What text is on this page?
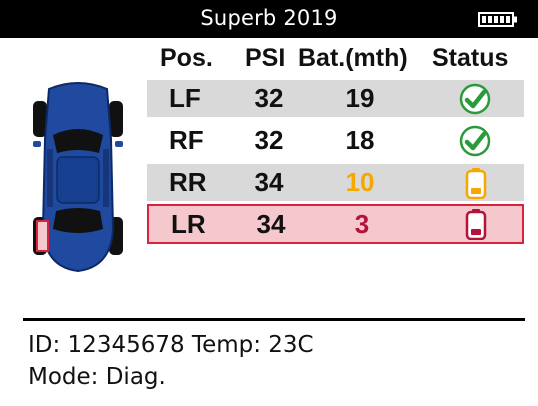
Superb 2019
Pos. PSI Bat.(mth) Status
LF	32	19
RF	32	18
RR	34	10
LR	34	3
ID: 12345678 Temp: 23C
Mode: Diag.
